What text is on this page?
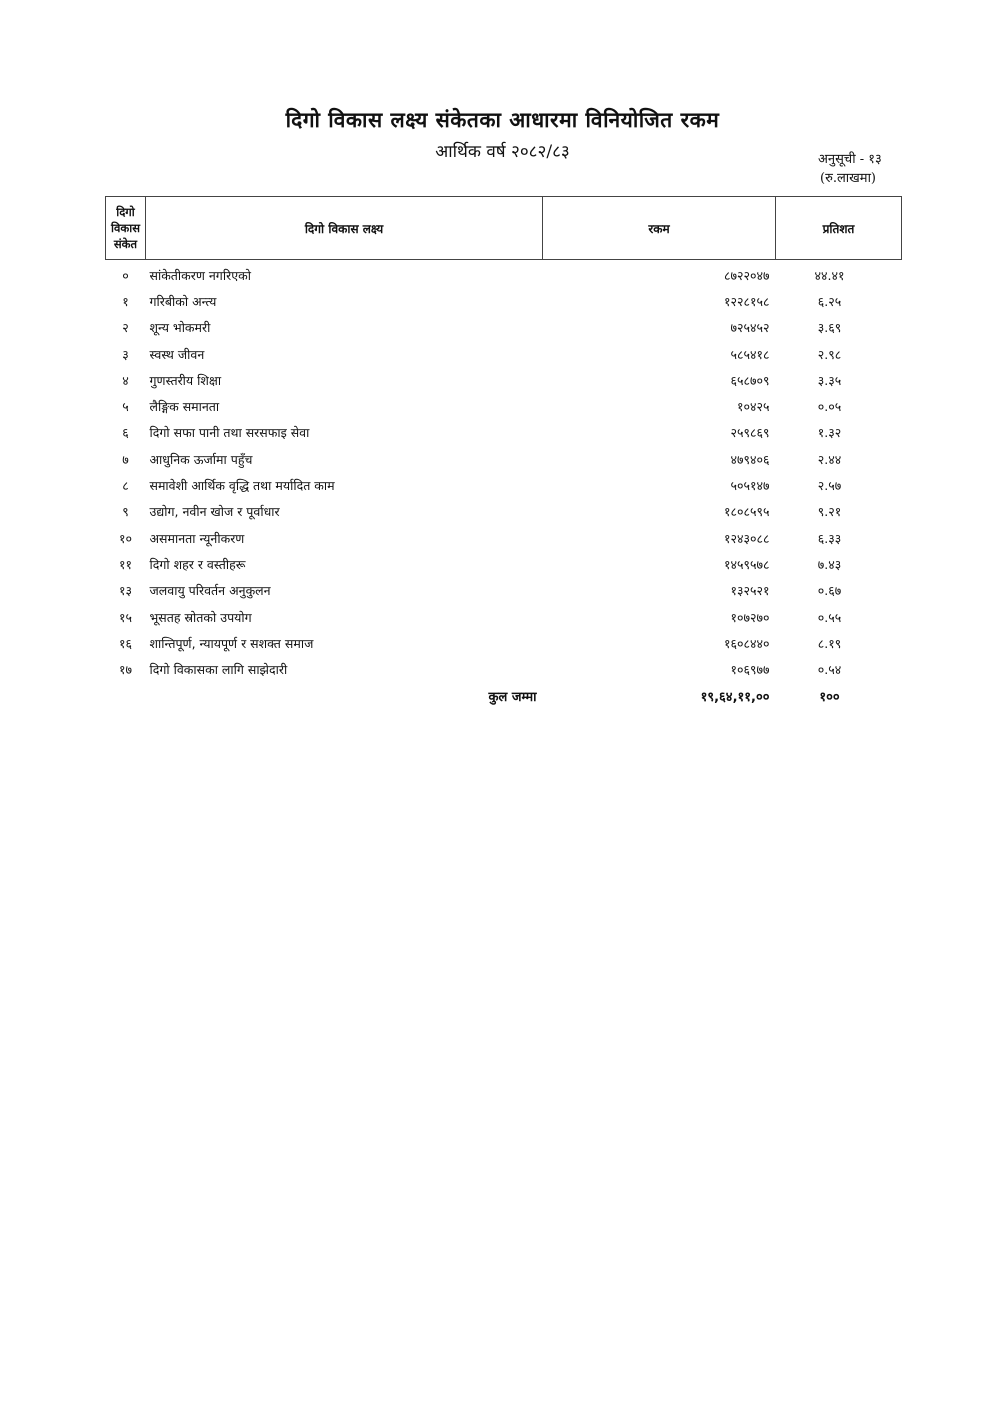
दिगो विकास लक्ष्य संकेतका आधारमा विनियोजित रकम
आर्थिक वर्ष २०८२/८३	अनुसूची - १३
(रु.लाखमा)
दिगो
विकास
संकेत	दिगो विकास लक्ष्य	रकम	प्रतिशत
०	सांकेतीकरण नगरिएको	८७२२०४७	४४.४१
१	गरिबीको अन्त्य	१२२८१५८	६.२५
२	शून्य भोकमरी	७२५४५२	३.६९
३	स्वस्थ जीवन	५८५४१८	२.९८
४	गुणस्तरीय शिक्षा	६५८७०९	३.३५
५	लैङ्गिक समानता	१०४२५	०.०५
६	दिगो सफा पानी तथा सरसफाइ सेवा	२५९८६९	१.३२
७	आधुनिक ऊर्जामा पहुँच	४७९४०६	२.४४
८	समावेशी आर्थिक वृद्धि तथा मर्यादित काम	५०५१४७	२.५७
९	उद्योग, नवीन खोज र पूर्वाधार	१८०८५९५	९.२१
१०	असमानता न्यूनीकरण	१२४३०८८	६.३३
११	दिगो शहर र वस्तीहरू	१४५९५७८	७.४३
१३	जलवायु परिवर्तन अनुकुलन	१३२५२१	०.६७
१५	भूसतह स्रोतको उपयोग	१०७२७०	०.५५
१६	शान्तिपूर्ण, न्यायपूर्ण र सशक्त समाज	१६०८४४०	८.१९
१७	दिगो विकासका लागि साझेदारी	१०६९७७	०.५४
	कुल जम्मा	१९,६४,११,००	१००
